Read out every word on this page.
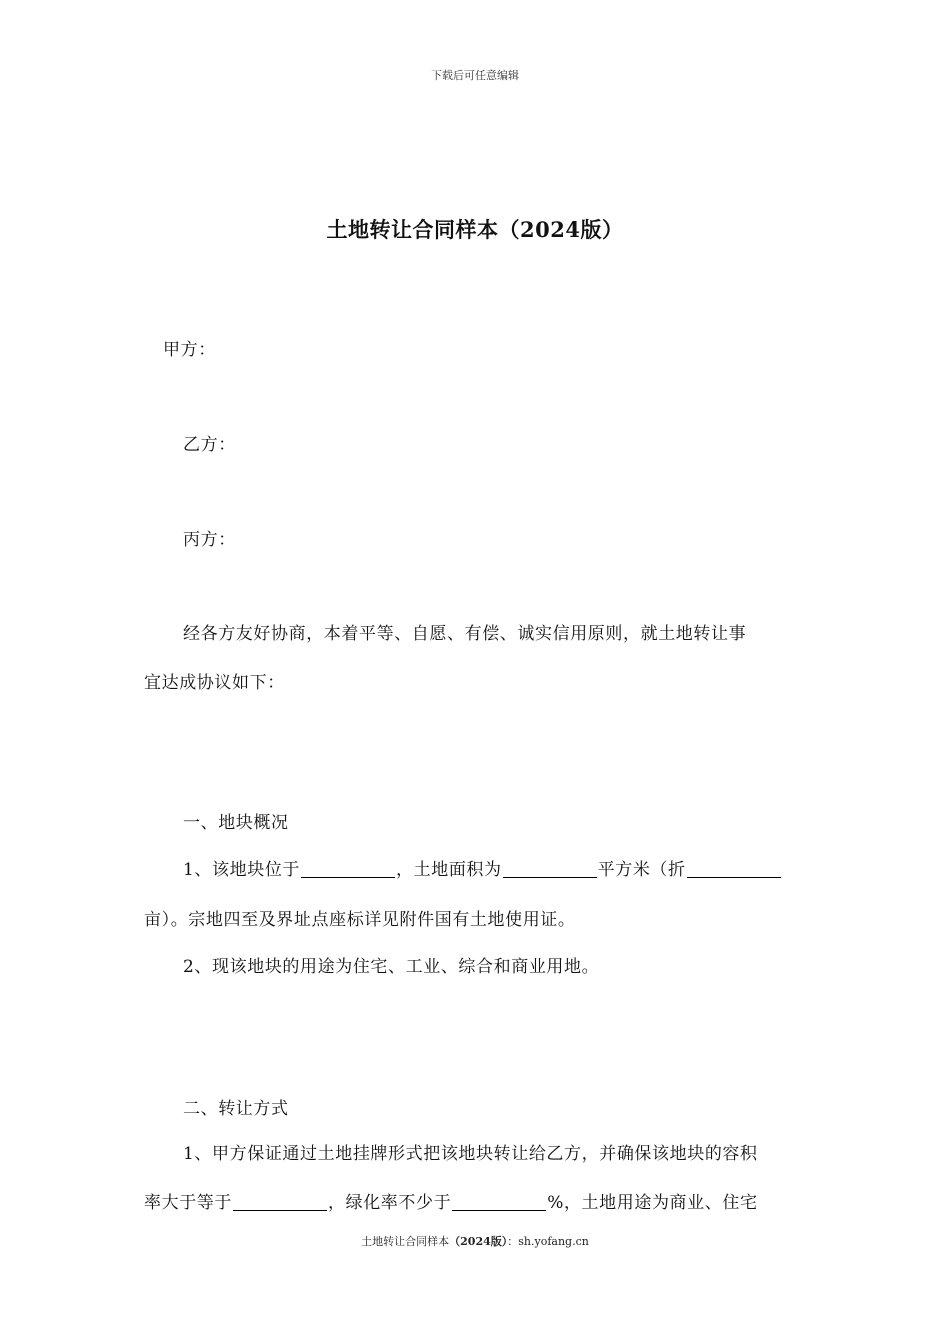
下载后可任意编辑
土地转让合同样本（2024版）
甲方：
乙方：
丙方：
经各方友好协商，本着平等、自愿、有偿、诚实信用原则，就土地转让事
宜达成协议如下：
一、地块概况
1、该地块位于	，土地面积为	平方米（折
亩）。宗地四至及界址点座标详见附件国有土地使用证。
2、现该地块的用途为住宅、工业、综合和商业用地。
二、转让方式
1、甲方保证通过土地挂牌形式把该地块转让给乙方，并确保该地块的容积
率大于等于	，绿化率不少于	%，土地用途为商业、住宅
土地转让合同样本（2024版）：sh.yofang.cn
